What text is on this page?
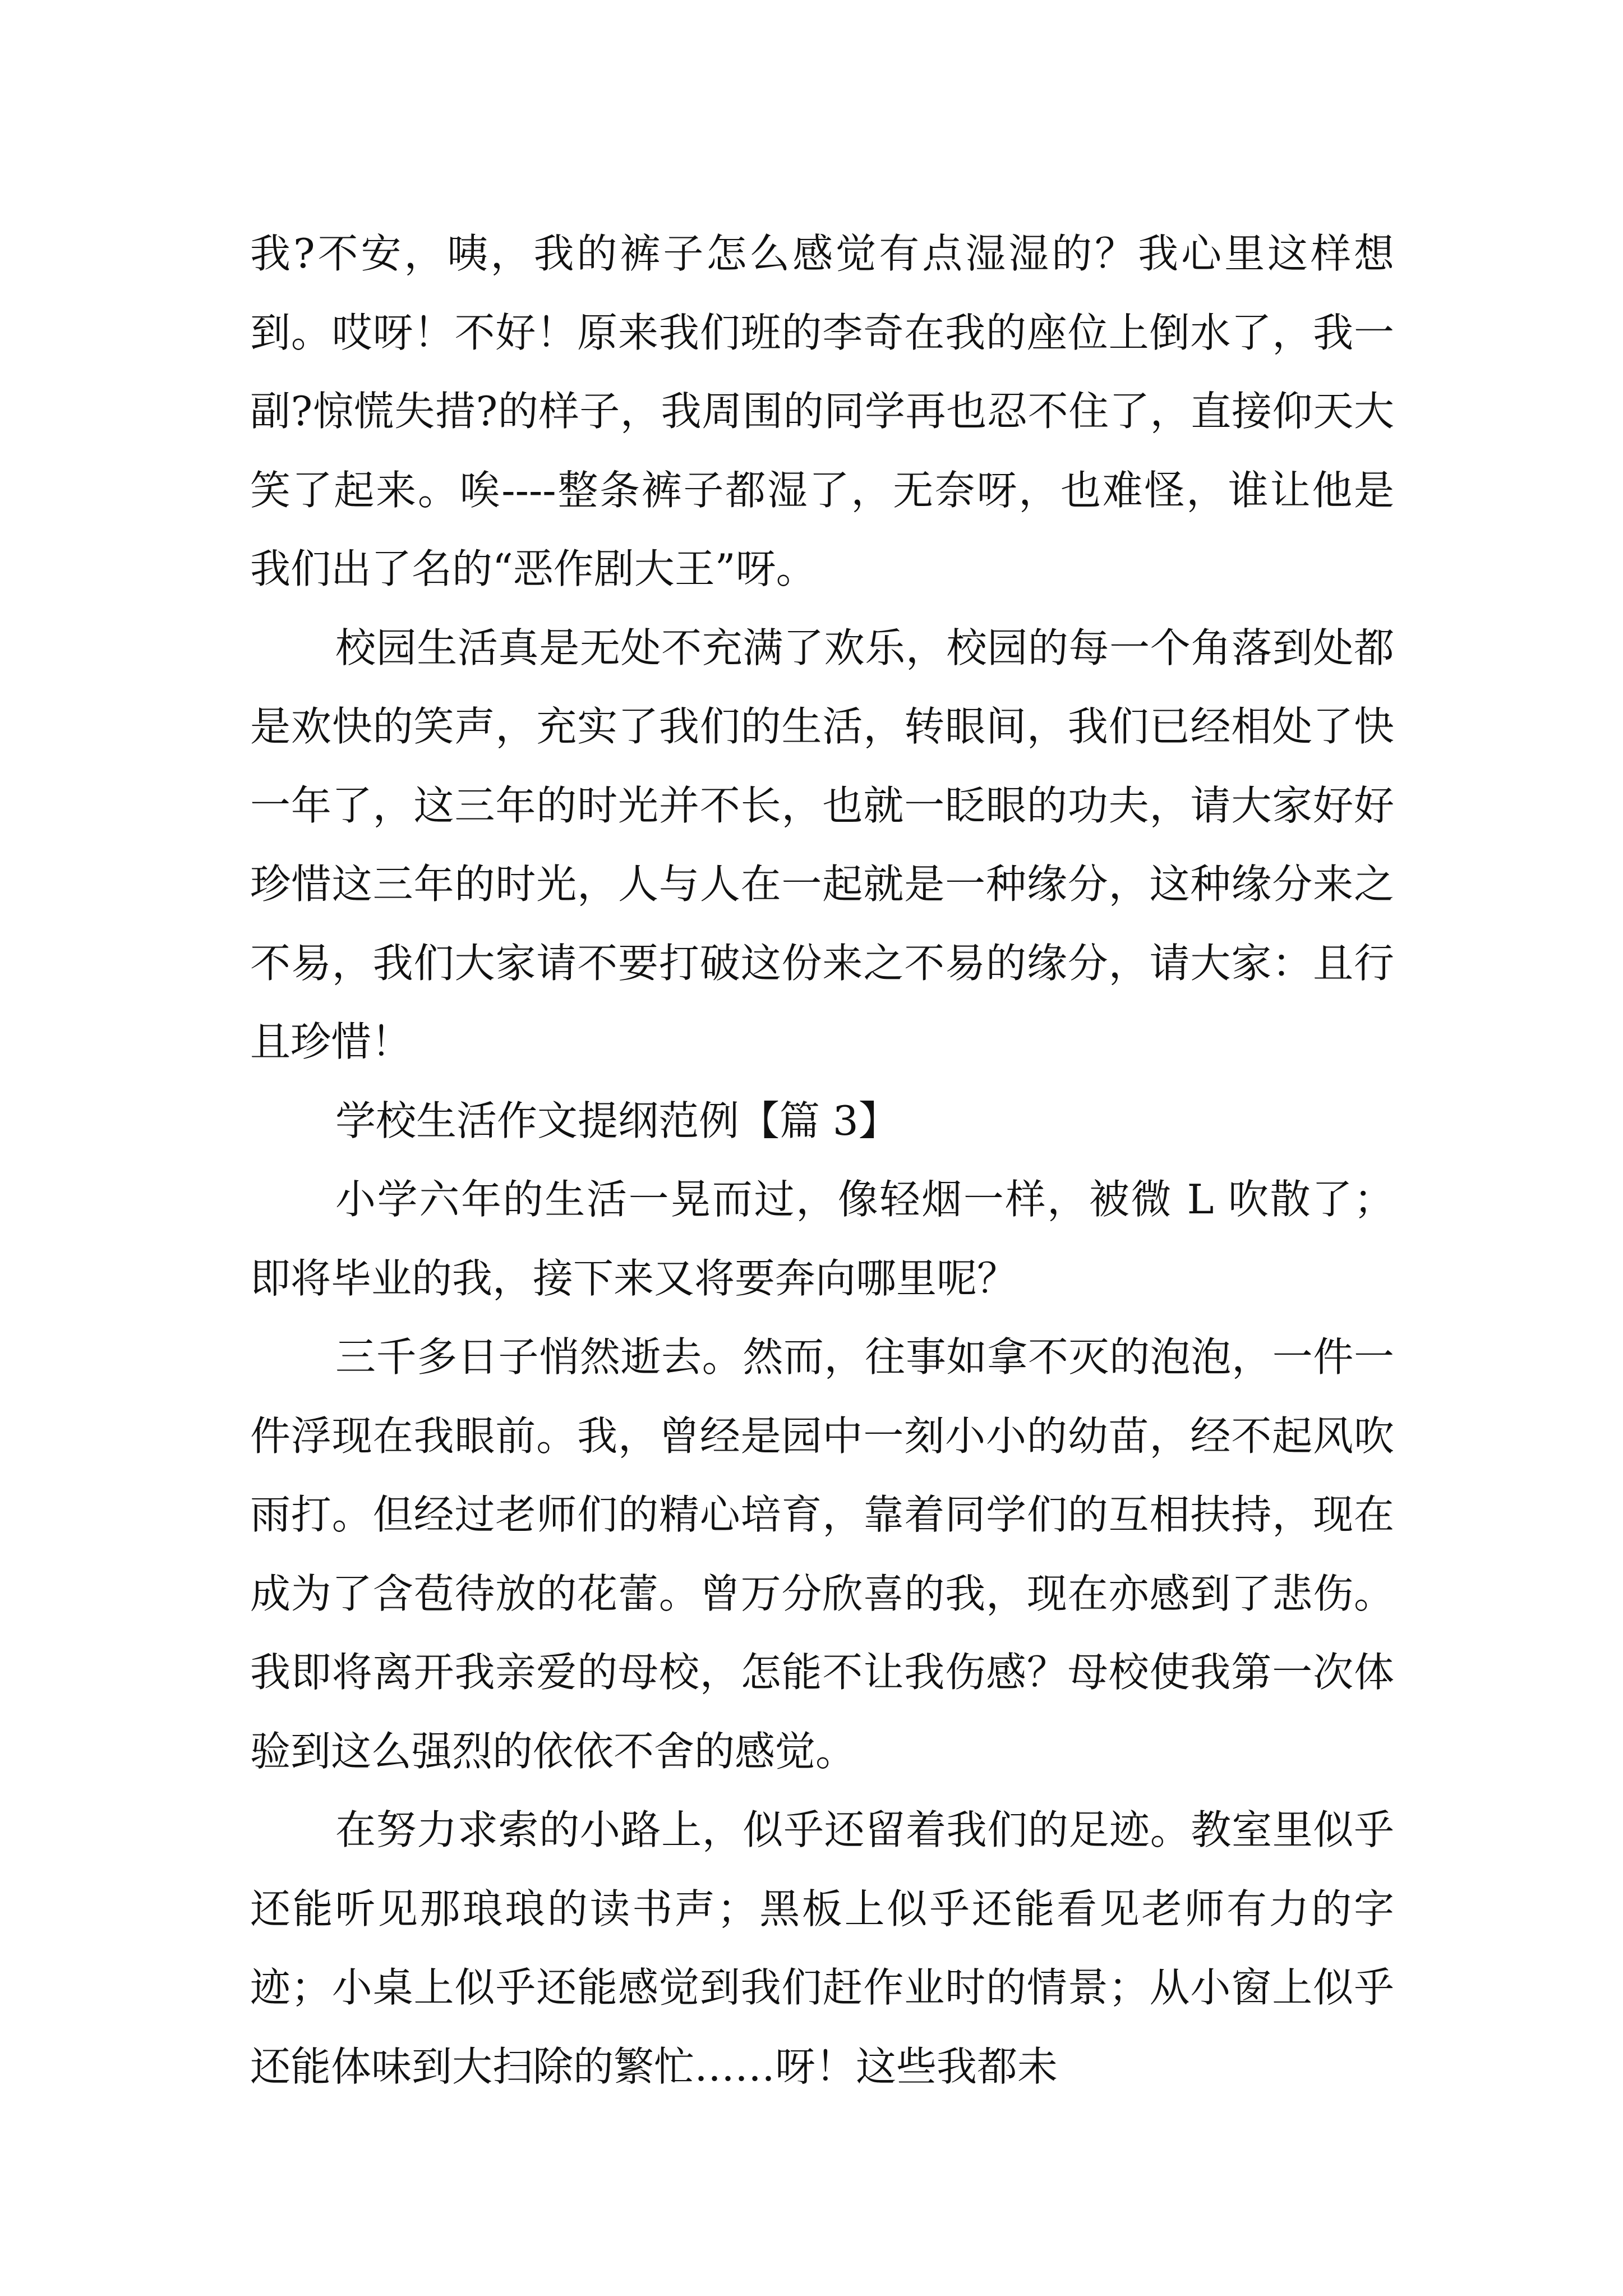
我?不安，咦，我的裤子怎么感觉有点湿湿的？我心里这样想到。哎呀！不好！原来我们班的李奇在我的座位上倒水了，我一副?惊慌失措?的样子，我周围的同学再也忍不住了，直接仰天大笑了起来。唉----整条裤子都湿了，无奈呀，也难怪，谁让他是我们出了名的“恶作剧大王”呀。

校园生活真是无处不充满了欢乐，校园的每一个角落到处都是欢快的笑声，充实了我们的生活，转眼间，我们已经相处了快一年了，这三年的时光并不长，也就一眨眼的功夫，请大家好好珍惜这三年的时光，人与人在一起就是一种缘分，这种缘分来之不易，我们大家请不要打破这份来之不易的缘分，请大家：且行且珍惜！

学校生活作文提纲范例【篇 3】

小学六年的生活一晃而过，像轻烟一样，被微 L 吹散了；即将毕业的我，接下来又将要奔向哪里呢？

三千多日子悄然逝去。然而，往事如拿不灭的泡泡，一件一件浮现在我眼前。我，曾经是园中一刻小小的幼苗，经不起风吹雨打。但经过老师们的精心培育，靠着同学们的互相扶持，现在成为了含苞待放的花蕾。曾万分欣喜的我，现在亦感到了悲伤。我即将离开我亲爱的母校，怎能不让我伤感？母校使我第一次体验到这么强烈的依依不舍的感觉。

在努力求索的小路上，似乎还留着我们的足迹。教室里似乎还能听见那琅琅的读书声；黑板上似乎还能看见老师有力的字迹；小桌上似乎还能感觉到我们赶作业时的情景；从小窗上似乎还能体味到大扫除的繁忙……呀！这些我都未
